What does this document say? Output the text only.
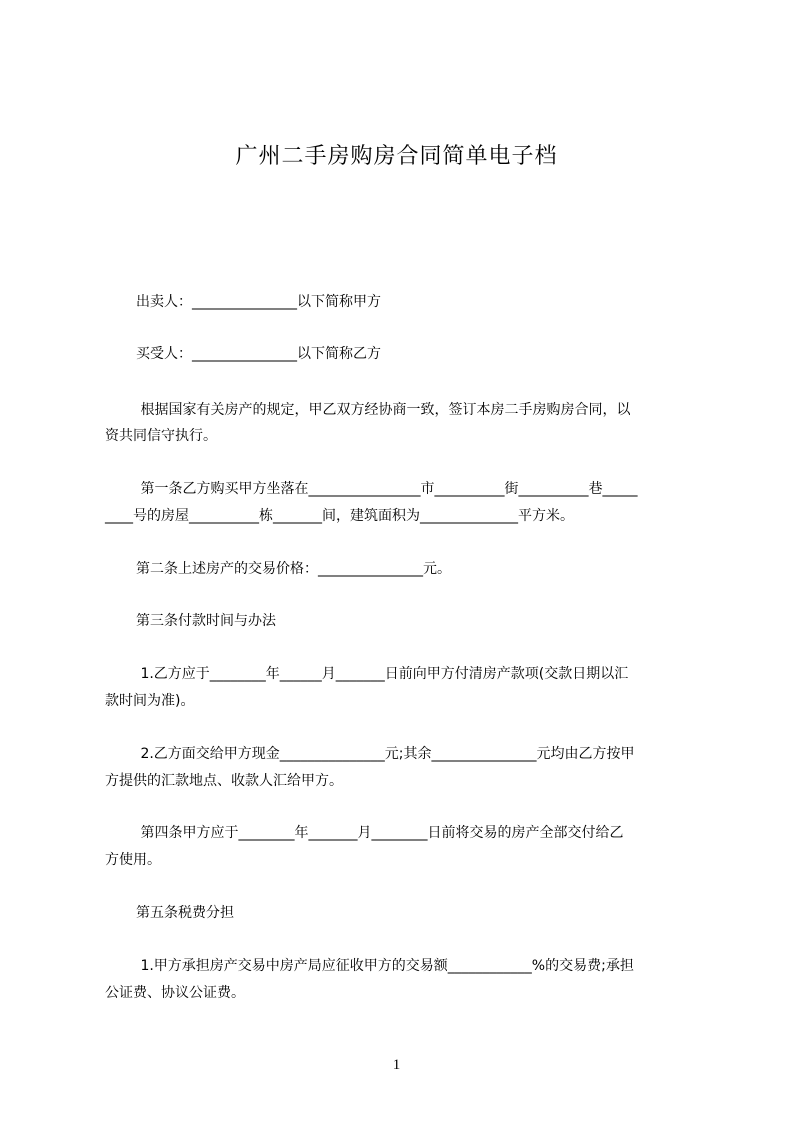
广州二手房购房合同简单电子档
出卖人：_______________以下简称甲方
买受人：_______________以下简称乙方
根据国家有关房产的规定，甲乙双方经协商一致，签订本房二手房购房合同，以
资共同信守执行。
第一条乙方购买甲方坐落在________________市__________街__________巷_____
____号的房屋__________栋_______间，建筑面积为______________平方米。
第二条上述房产的交易价格：_______________元。
第三条付款时间与办法
1.乙方应于________年______月_______日前向甲方付清房产款项(交款日期以汇
款时间为准)。
2.乙方面交给甲方现金_______________元;其余_______________元均由乙方按甲
方提供的汇款地点、收款人汇给甲方。
第四条甲方应于________年_______月________日前将交易的房产全部交付给乙
方使用。
第五条税费分担
1.甲方承担房产交易中房产局应征收甲方的交易额____________%的交易费;承担
公证费、协议公证费。
1
